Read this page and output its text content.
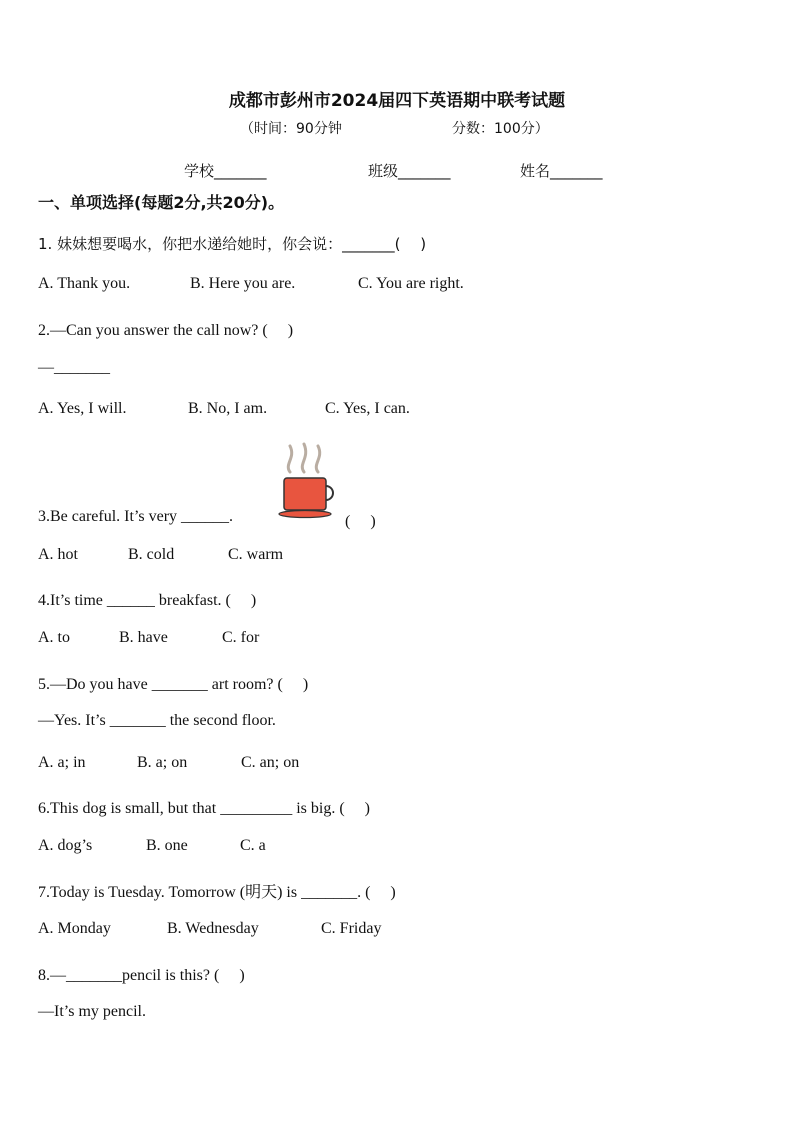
成都市彭州市2024届四下英语期中联考试题
（时间：90分钟	分数：100分）
学校_______	班级_______	姓名_______
一、单项选择(每题2分,共20分)。
1. 妹妹想要喝水，你把水递给她时，你会说：_______(　 )
A. Thank you.	B. Here you are.	C. You are right.
2.—Can you answer the call now? (　 )
—_______
A. Yes, I will.	B. No, I am.	C. Yes, I can.
3.Be careful. It’s very ______.	(　 )
A. hot	B. cold	C. warm
4.It’s time ______ breakfast. (　 )
A. to	B. have	C. for
5.—Do you have _______ art room? (　 )
—Yes. It’s _______ the second floor.
A. a; in	B. a; on	C. an; on
6.This dog is small, but that _________ is big. (　 )
A. dog’s	B. one	C. a
7.Today is Tuesday. Tomorrow (明天) is _______. (　 )
A. Monday	B. Wednesday	C. Friday
8.—_______pencil is this? (　 )
—It’s my pencil.
